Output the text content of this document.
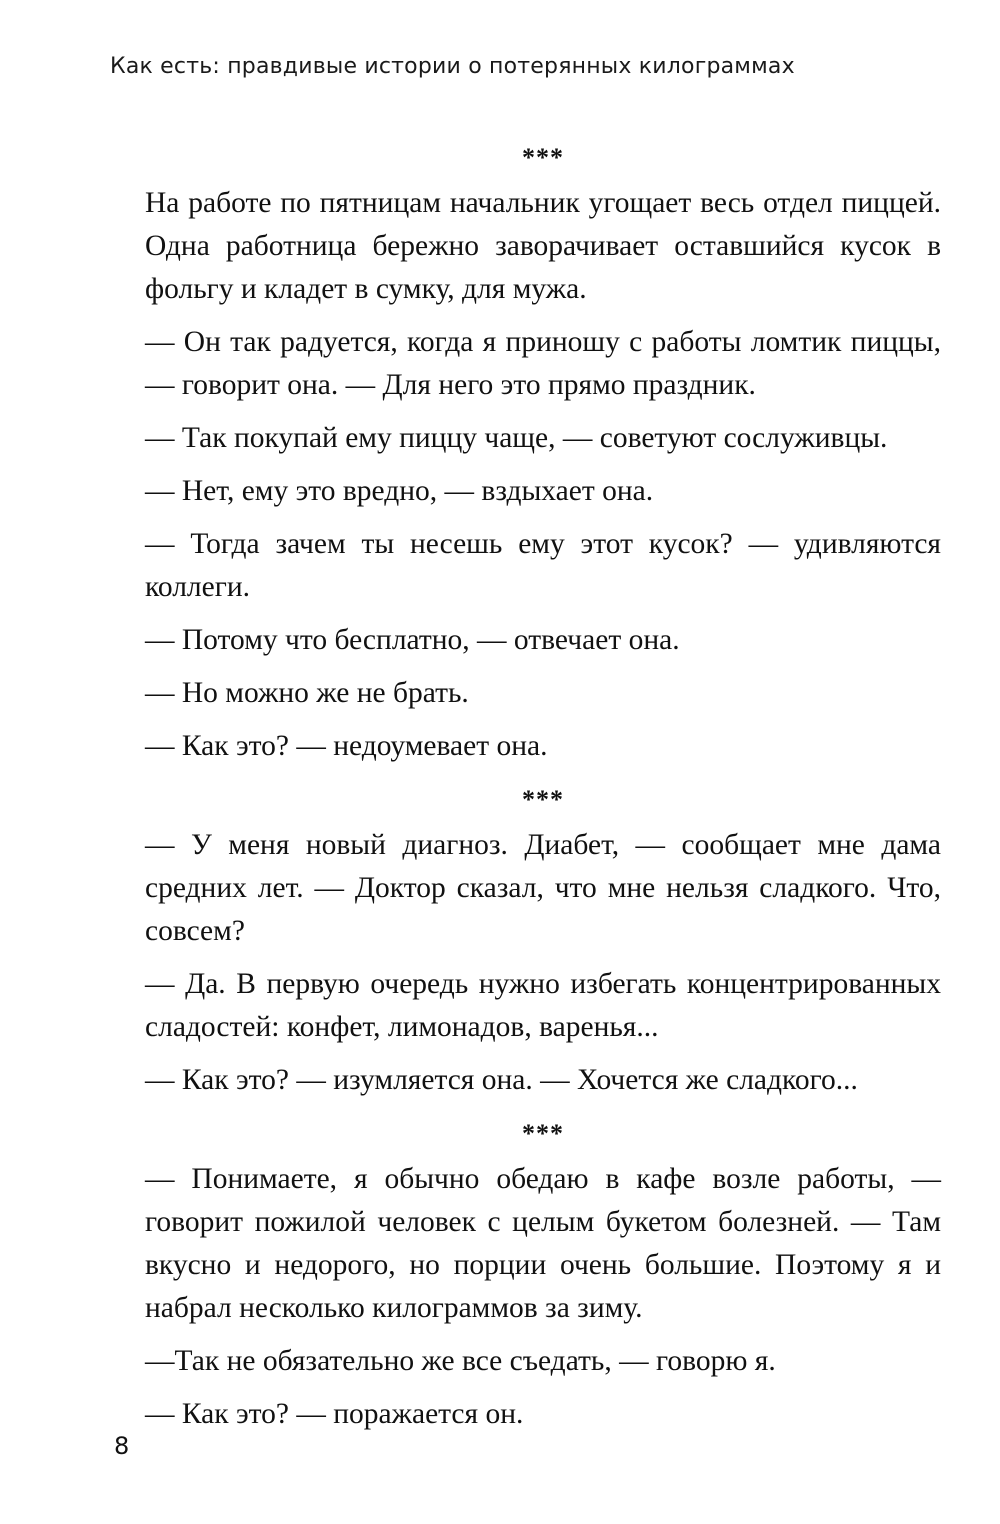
Как есть: правдивые истории о потерянных килограммах
***

На работе по пятницам начальник угощает весь отдел пиццей. Одна работница бережно заворачивает оставшийся кусок в фольгу и кладет в сумку, для мужа.

— Он так радуется, когда я приношу с работы ломтик пиццы, — говорит она. — Для него это прямо праздник.

— Так покупай ему пиццу чаще, — советуют сослуживцы.

— Нет, ему это вредно, — вздыхает она.

— Тогда зачем ты несешь ему этот кусок? — удивляются коллеги.

— Потому что бесплатно, — отвечает она.

— Но можно же не брать.

— Как это? — недоумевает она.

***

— У меня новый диагноз. Диабет, — сообщает мне дама средних лет. — Доктор сказал, что мне нельзя сладкого. Что, совсем?

— Да. В первую очередь нужно избегать концентрированных сладостей: конфет, лимонадов, варенья...

— Как это? — изумляется она. — Хочется же сладкого...

***

— Понимаете, я обычно обедаю в кафе возле работы, — говорит пожилой человек с целым букетом болезней. — Там вкусно и недорого, но порции очень большие. Поэтому я и набрал несколько килограммов за зиму.

—Так не обязательно же все съедать, — говорю я.

— Как это? — поражается он.

8
